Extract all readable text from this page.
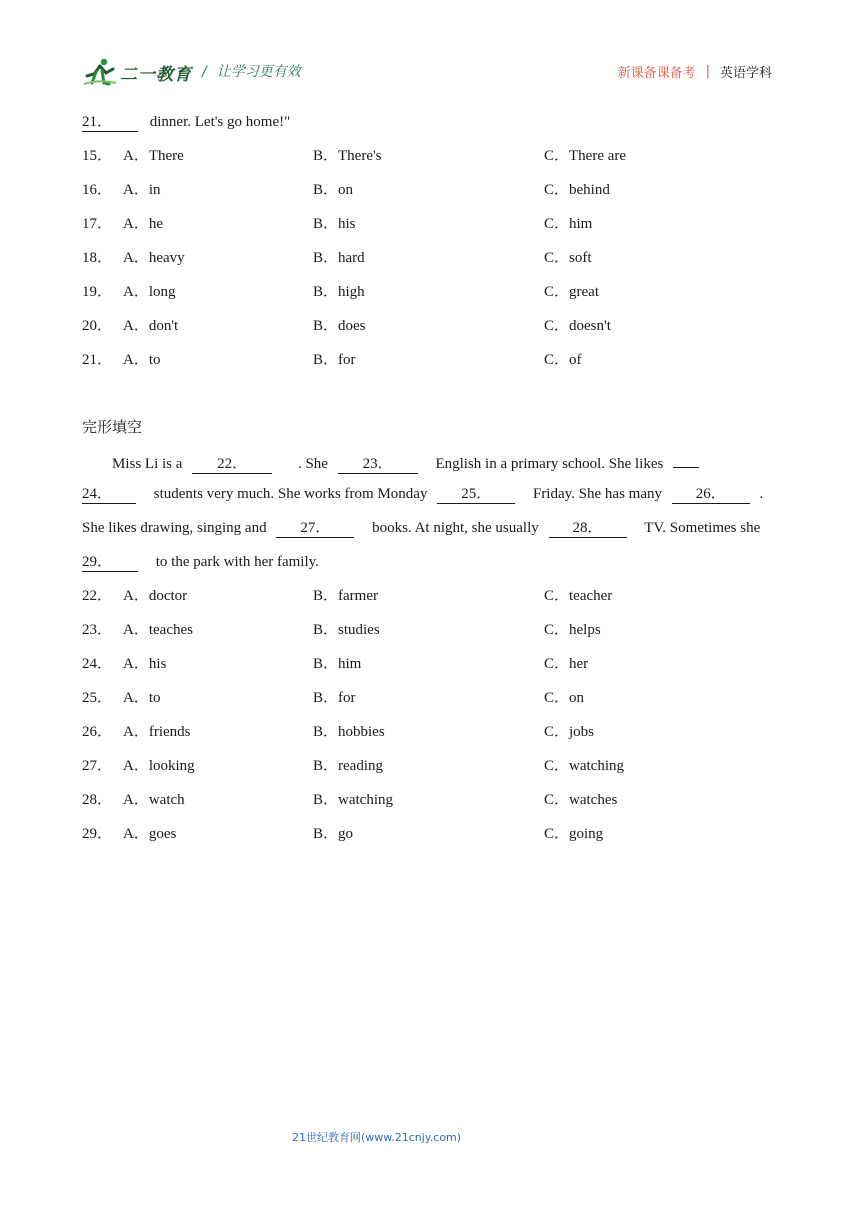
二一教育 / 让学习更有效	新课备课备考 | 英语学科
21．	dinner. Let's go home!"
15． A．There	B．There's	C．There are
16． A．in	B．on	C．behind
17． A．he	B．his	C．him
18． A．heavy	B．hard	C．soft
19． A．long	B．high	C．great
20． A．don't	B．does	C．doesn't
21． A．to	B．for	C．of
完形填空
Miss Li is a 22．	. She 23．	English in a primary school. She likes
24．	students very much. She works from Monday 25．	Friday. She has many 26． .
She likes drawing, singing and 27．	books. At night, she usually 28．	TV. Sometimes she
29．	to the park with her family.
22． A．doctor	B．farmer	C．teacher
23． A．teaches	B．studies	C．helps
24． A．his	B．him	C．her
25． A．to	B．for	C．on
26． A．friends	B．hobbies	C．jobs
27． A．looking	B．reading	C．watching
28． A．watch	B．watching	C．watches
29． A．goes	B．go	C．going
21世纪教育网(www.21cnjy.com)
